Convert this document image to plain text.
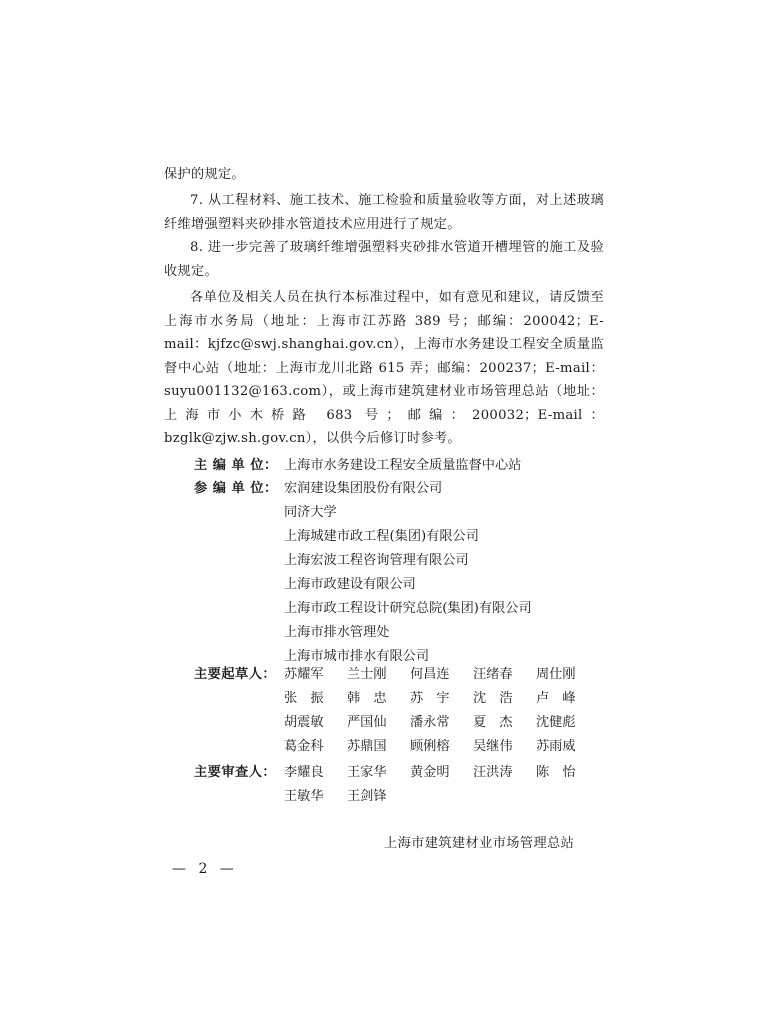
保护的规定。

7. 从工程材料、施工技术、施工检验和质量验收等方面，对上述玻璃纤维增强塑料夹砂排水管道技术应用进行了规定。

8. 进一步完善了玻璃纤维增强塑料夹砂排水管道开槽埋管的施工及验收规定。

各单位及相关人员在执行本标准过程中，如有意见和建议，请反馈至上海市水务局（地址：上海市江苏路 389 号；邮编：200042；E-mail：kjfzc@swj.shanghai.gov.cn），上海市水务建设工程安全质量监督中心站（地址：上海市龙川北路 615 弄；邮编：200237；E-mail：suyu001132@163.com），或上海市建筑建材业市场管理总站（地址：上海市小木桥路 683 号；邮编：200032；E-mail：bzglk@zjw.sh.gov.cn），以供今后修订时参考。

主 编 单 位： 上海市水务建设工程安全质量监督中心站
参 编 单 位： 宏润建设集团股份有限公司
同济大学
上海城建市政工程(集团)有限公司
上海宏波工程咨询管理有限公司
上海市政建设有限公司
上海市政工程设计研究总院(集团)有限公司
上海市排水管理处
上海市城市排水有限公司
主要起草人： 苏耀军 兰士刚 何昌连 汪绪春 周仕刚
张　振 韩　忠 苏　宇 沈　浩 卢　峰
胡震敏 严国仙 潘永常 夏　杰 沈健彪
葛金科 苏鼎国 顾俐榕 吴继伟 苏雨威
主要审查人： 李耀良 王家华 黄金明 汪洪涛 陈　怡
王敏华 王剑锋
上海市建筑建材业市场管理总站
— 2 —
